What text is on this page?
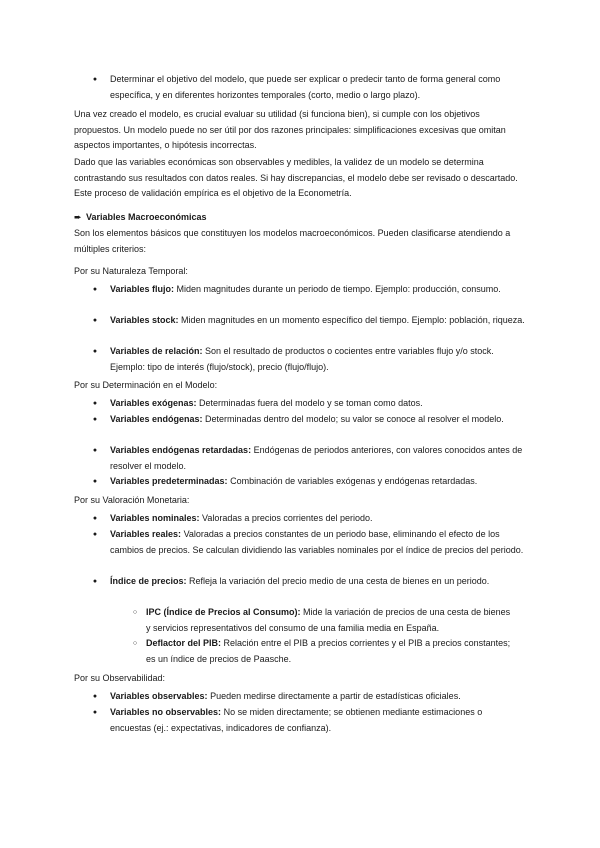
● Determinar el objetivo del modelo, que puede ser explicar o predecir tanto de forma general como específica, y en diferentes horizontes temporales (corto, medio o largo plazo).

Una vez creado el modelo, es crucial evaluar su utilidad (si funciona bien), si cumple con los objetivos propuestos. Un modelo puede no ser útil por dos razones principales: simplificaciones excesivas que omitan aspectos importantes, o hipótesis incorrectas.

Dado que las variables económicas son observables y medibles, la validez de un modelo se determina contrastando sus resultados con datos reales. Si hay discrepancias, el modelo debe ser revisado o descartado. Este proceso de validación empírica es el objetivo de la Econometría.

➨ Variables Macroeconómicas

Son los elementos básicos que constituyen los modelos macroeconómicos. Pueden clasificarse atendiendo a múltiples criterios:

Por su Naturaleza Temporal:

● Variables flujo: Miden magnitudes durante un periodo de tiempo. Ejemplo: producción, consumo.

● Variables stock: Miden magnitudes en un momento específico del tiempo. Ejemplo: población, riqueza.

● Variables de relación: Son el resultado de productos o cocientes entre variables flujo y/o stock. Ejemplo: tipo de interés (flujo/stock), precio (flujo/flujo).

Por su Determinación en el Modelo:

● Variables exógenas: Determinadas fuera del modelo y se toman como datos.

● Variables endógenas: Determinadas dentro del modelo; su valor se conoce al resolver el modelo.

● Variables endógenas retardadas: Endógenas de periodos anteriores, con valores conocidos antes de resolver el modelo.

● Variables predeterminadas: Combinación de variables exógenas y endógenas retardadas.

Por su Valoración Monetaria:

● Variables nominales: Valoradas a precios corrientes del periodo.

● Variables reales: Valoradas a precios constantes de un periodo base, eliminando el efecto de los cambios de precios. Se calculan dividiendo las variables nominales por el índice de precios del periodo.

● Índice de precios: Refleja la variación del precio medio de una cesta de bienes en un periodo.

○ IPC (Índice de Precios al Consumo): Mide la variación de precios de una cesta de bienes y servicios representativos del consumo de una familia media en España.

○ Deflactor del PIB: Relación entre el PIB a precios corrientes y el PIB a precios constantes; es un índice de precios de Paasche.

Por su Observabilidad:

● Variables observables: Pueden medirse directamente a partir de estadísticas oficiales.

● Variables no observables: No se miden directamente; se obtienen mediante estimaciones o encuestas (ej.: expectativas, indicadores de confianza).
